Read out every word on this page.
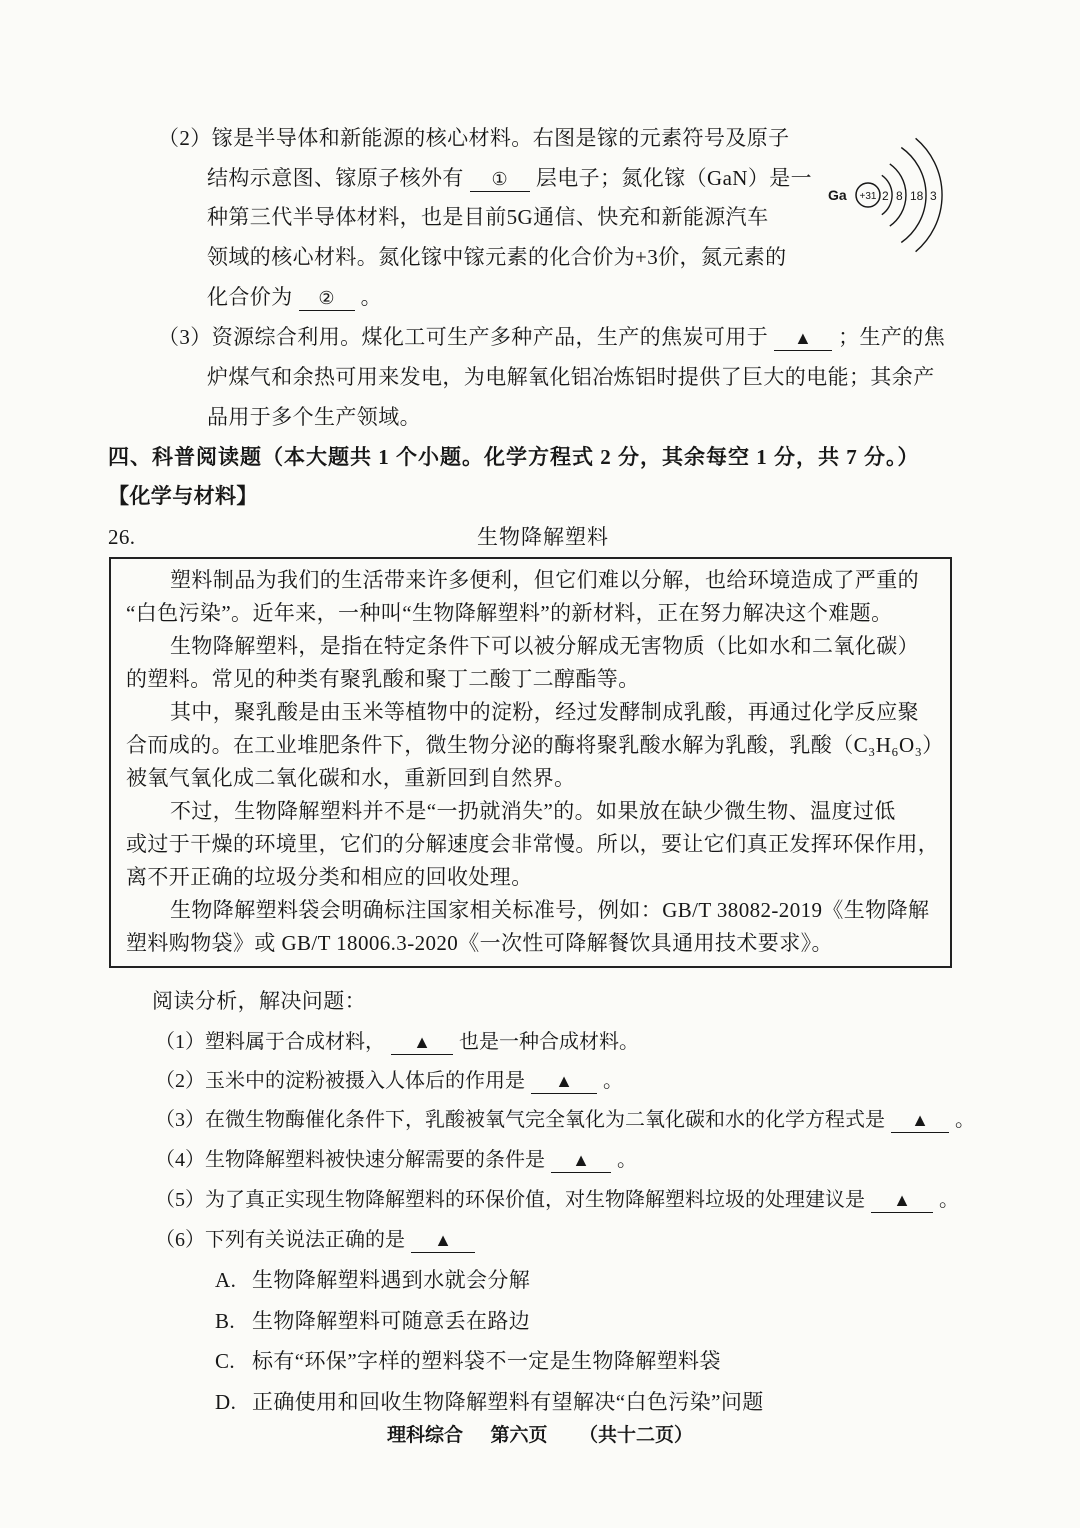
（2）镓是半导体和新能源的核心材料。右图是镓的元素符号及原子
结构示意图、镓原子核外有 ① 层电子；氮化镓（GaN）是一
种第三代半导体材料，也是目前5G通信、快充和新能源汽车
领域的核心材料。氮化镓中镓元素的化合价为+3价，氮元素的
化合价为 ② 。
Ga +31 2 8 18 3
（3）资源综合利用。煤化工可生产多种产品，生产的焦炭可用于 ▲ ；生产的焦
炉煤气和余热可用来发电，为电解氧化铝冶炼铝时提供了巨大的电能；其余产
品用于多个生产领域。
四、科普阅读题（本大题共 1 个小题。化学方程式 2 分，其余每空 1 分，共 7 分。）
【化学与材料】
26.	生物降解塑料
塑料制品为我们的生活带来许多便利，但它们难以分解，也给环境造成了严重的
“白色污染”。近年来，一种叫“生物降解塑料”的新材料，正在努力解决这个难题。
生物降解塑料，是指在特定条件下可以被分解成无害物质（比如水和二氧化碳）
的塑料。常见的种类有聚乳酸和聚丁二酸丁二醇酯等。
其中，聚乳酸是由玉米等植物中的淀粉，经过发酵制成乳酸，再通过化学反应聚
合而成的。在工业堆肥条件下，微生物分泌的酶将聚乳酸水解为乳酸，乳酸（C₃H₆O₃）
被氧气氧化成二氧化碳和水，重新回到自然界。
不过，生物降解塑料并不是“一扔就消失”的。如果放在缺少微生物、温度过低
或过于干燥的环境里，它们的分解速度会非常慢。所以，要让它们真正发挥环保作用，
离不开正确的垃圾分类和相应的回收处理。
生物降解塑料袋会明确标注国家相关标准号，例如：GB/T 38082-2019《生物降解
塑料购物袋》或 GB/T 18006.3-2020《一次性可降解餐饮具通用技术要求》。
阅读分析，解决问题：
（1）塑料属于合成材料， ▲ 也是一种合成材料。
（2）玉米中的淀粉被摄入人体后的作用是 ▲ 。
（3）在微生物酶催化条件下，乳酸被氧气完全氧化为二氧化碳和水的化学方程式是 ▲ 。
（4）生物降解塑料被快速分解需要的条件是 ▲ 。
（5）为了真正实现生物降解塑料的环保价值，对生物降解塑料垃圾的处理建议是 ▲ 。
（6）下列有关说法正确的是 ▲
A. 生物降解塑料遇到水就会分解
B. 生物降解塑料可随意丢在路边
C. 标有“环保”字样的塑料袋不一定是生物降解塑料袋
D. 正确使用和回收生物降解塑料有望解决“白色污染”问题
理科综合 第六页 （共十二页）
